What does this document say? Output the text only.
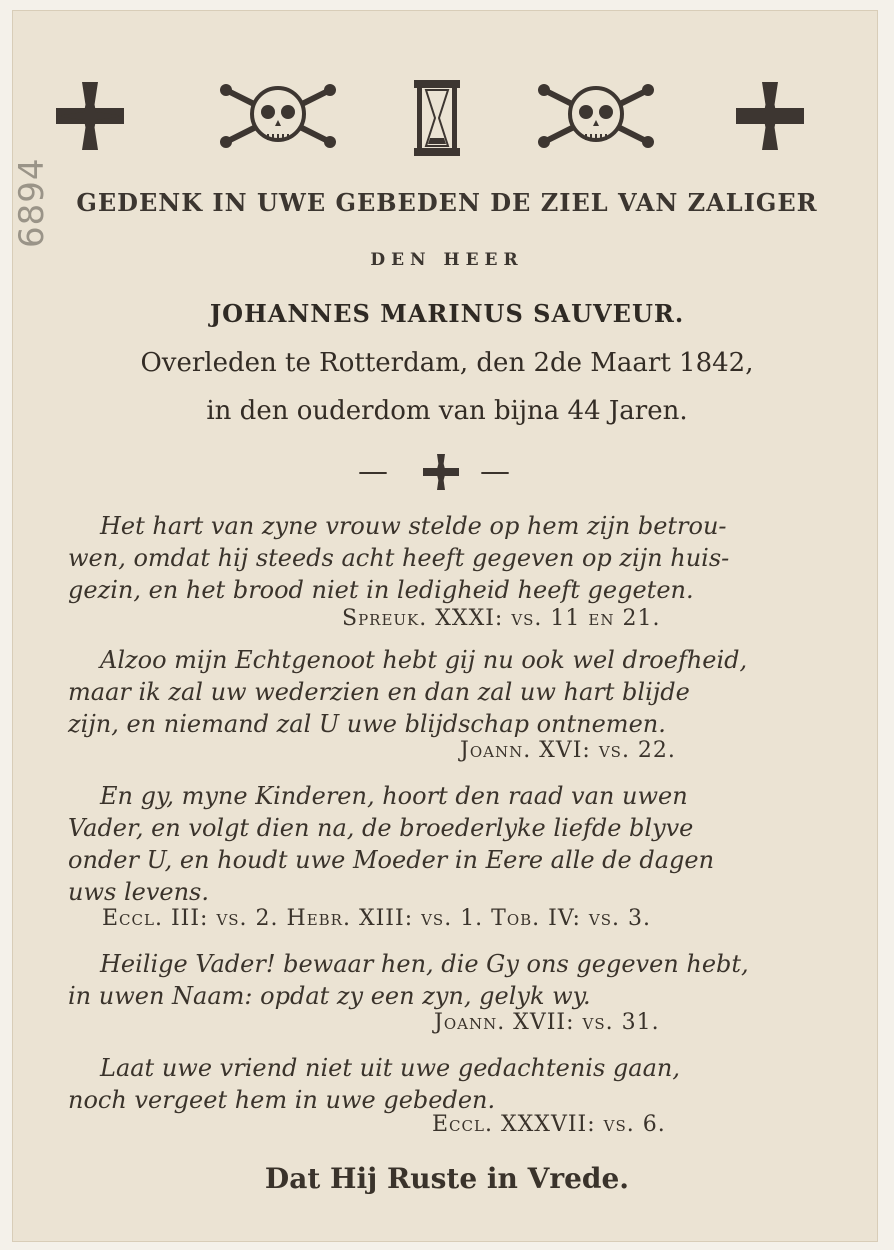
6894	GEDENK IN UWE GEBEDEN DE ZIEL VAN ZALIGER
DEN HEER
JOHANNES MARINUS SAUVEUR.
Overleden te Rotterdam, den 2de Maart 1842,
in den ouderdom van bijna 44 Jaren.
—	—
Het hart van zyne vrouw stelde op hem zijn betrou-
wen, omdat hij steeds acht heeft gegeven op zijn huis-
gezin, en het brood niet in ledigheid heeft gegeten.
Spreuk. XXXI: vs. 11 en 21.
Alzoo mijn Echtgenoot hebt gij nu ook wel droefheid,
maar ik zal uw wederzien en dan zal uw hart blijde
zijn, en niemand zal U uwe blijdschap ontnemen.
Joann. XVI: vs. 22.
En gy, myne Kinderen, hoort den raad van uwen
Vader, en volgt dien na, de broederlyke liefde blyve
onder U, en houdt uwe Moeder in Eere alle de dagen
uws levens.
Eccl. III: vs. 2. Hebr. XIII: vs. 1. Tob. IV: vs. 3.
Heilige Vader! bewaar hen, die Gy ons gegeven hebt,
in uwen Naam: opdat zy een zyn, gelyk wy.
Joann. XVII: vs. 31.
Laat uwe vriend niet uit uwe gedachtenis gaan,
noch vergeet hem in uwe gebeden.
Eccl. XXXVII: vs. 6.
Dat Hij Ruste in Vrede.
